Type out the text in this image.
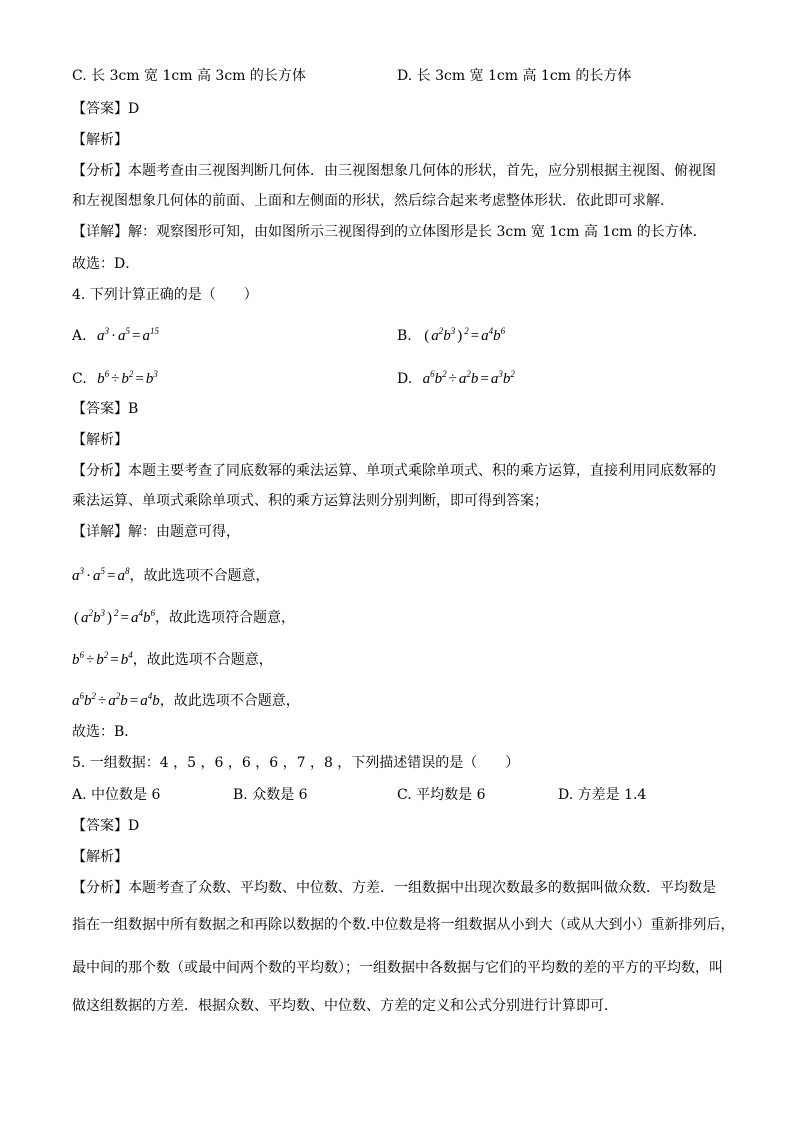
C. 长 3cm 宽 1cm 高 3cm 的长方体	D. 长 3cm 宽 1cm 高 1cm 的长方体
【答案】D
【解析】
【分析】本题考查由三视图判断几何体．由三视图想象几何体的形状，首先，应分别根据主视图、俯视图
和左视图想象几何体的前面、上面和左侧面的形状，然后综合起来考虑整体形状．依此即可求解．
【详解】解：观察图形可知，由如图所示三视图得到的立体图形是长 3cm 宽 1cm 高 1cm 的长方体．
故选：D．
4. 下列计算正确的是（　　）
A. $a^3 \cdot a^5 = a^{15}$	B. ( $a^2b^3$ ) $^2 = a^4b^6$
C. $b^6 \div b^2 = b^3$	D. $a^6b^2 \div a^2b = a^3b^2$
【答案】B
【解析】
【分析】本题主要考查了同底数幂的乘法运算、单项式乘除单项式、积的乘方运算，直接利用同底数幂的
乘法运算、单项式乘除单项式、积的乘方运算法则分别判断，即可得到答案；
【详解】解：由题意可得，
$a^3 \cdot a^5 = a^8$，故此选项不合题意，
( $a^2b^3$ ) $^2 = a^4b^6$，故此选项符合题意，
$b^6 \div b^2 = b^4$，故此选项不合题意，
$a^6b^2 \div a^2b = a^4b$，故此选项不合题意，
故选：B．
5. 一组数据：4 ，5 ，6 ，6 ，6 ，7 ，8 ，下列描述错误的是（　　）
A. 中位数是 6	B. 众数是 6	C. 平均数是 6	D. 方差是 1.4
【答案】D
【解析】
【分析】本题考查了众数、平均数、中位数、方差．一组数据中出现次数最多的数据叫做众数．平均数是
指在一组数据中所有数据之和再除以数据的个数.中位数是将一组数据从小到大（或从大到小）重新排列后，
最中间的那个数（或最中间两个数的平均数）；一组数据中各数据与它们的平均数的差的平方的平均数，叫
做这组数据的方差．根据众数、平均数、中位数、方差的定义和公式分别进行计算即可．
